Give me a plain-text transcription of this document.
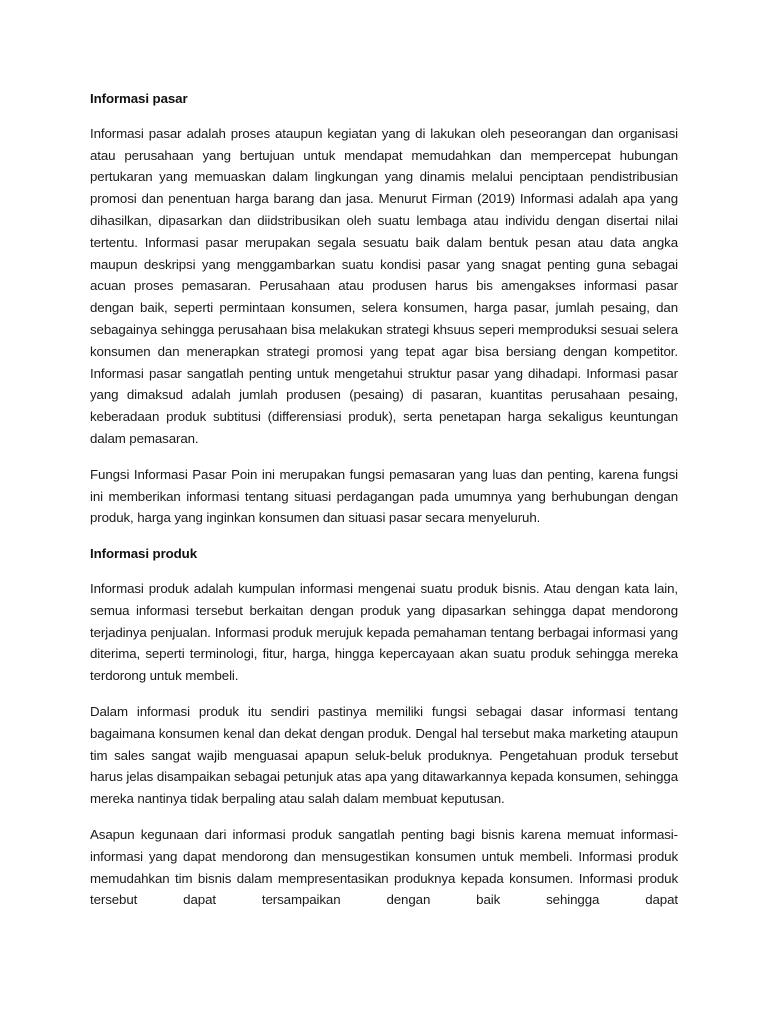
Informasi pasar

Informasi pasar adalah proses ataupun kegiatan yang di lakukan oleh peseorangan dan organisasi atau perusahaan yang bertujuan untuk mendapat memudahkan dan mempercepat hubungan pertukaran yang memuaskan dalam lingkungan yang dinamis melalui penciptaan pendistribusian promosi dan penentuan harga barang dan jasa. Menurut Firman (2019) Informasi adalah apa yang dihasilkan, dipasarkan dan diidstribusikan oleh suatu lembaga atau individu dengan disertai nilai tertentu. Informasi pasar merupakan segala sesuatu baik dalam bentuk pesan atau data angka maupun deskripsi yang menggambarkan suatu kondisi pasar yang snagat penting guna sebagai acuan proses pemasaran. Perusahaan atau produsen harus bis amengakses informasi pasar dengan baik, seperti permintaan konsumen, selera konsumen, harga pasar, jumlah pesaing, dan sebagainya sehingga perusahaan bisa melakukan strategi khsuus seperi memproduksi sesuai selera konsumen dan menerapkan strategi promosi yang tepat agar bisa bersiang dengan kompetitor. Informasi pasar sangatlah penting untuk mengetahui struktur pasar yang dihadapi. Informasi pasar yang dimaksud adalah jumlah produsen (pesaing) di pasaran, kuantitas perusahaan pesaing, keberadaan produk subtitusi (differensiasi produk), serta penetapan harga sekaligus keuntungan dalam pemasaran.

Fungsi Informasi Pasar Poin ini merupakan fungsi pemasaran yang luas dan penting, karena fungsi ini memberikan informasi tentang situasi perdagangan pada umumnya yang berhubungan dengan produk, harga yang inginkan konsumen dan situasi pasar secara menyeluruh.

Informasi produk

Informasi produk adalah kumpulan informasi mengenai suatu produk bisnis. Atau dengan kata lain, semua informasi tersebut berkaitan dengan produk yang dipasarkan sehingga dapat mendorong terjadinya penjualan. Informasi produk merujuk kepada pemahaman tentang berbagai informasi yang diterima, seperti terminologi, fitur, harga, hingga kepercayaan akan suatu produk sehingga mereka terdorong untuk membeli.

Dalam informasi produk itu sendiri pastinya memiliki fungsi sebagai dasar informasi tentang bagaimana konsumen kenal dan dekat dengan produk. Dengal hal tersebut maka marketing ataupun tim sales sangat wajib menguasai apapun seluk-beluk produknya. Pengetahuan produk tersebut harus jelas disampaikan sebagai petunjuk atas apa yang ditawarkannya kepada konsumen, sehingga mereka nantinya tidak berpaling atau salah dalam membuat keputusan.

Asapun kegunaan dari informasi produk sangatlah penting bagi bisnis karena memuat informasi-informasi yang dapat mendorong dan mensugestikan konsumen untuk membeli. Informasi produk memudahkan tim bisnis dalam mempresentasikan produknya kepada konsumen. Informasi produk tersebut dapat tersampaikan dengan baik sehingga dapat
